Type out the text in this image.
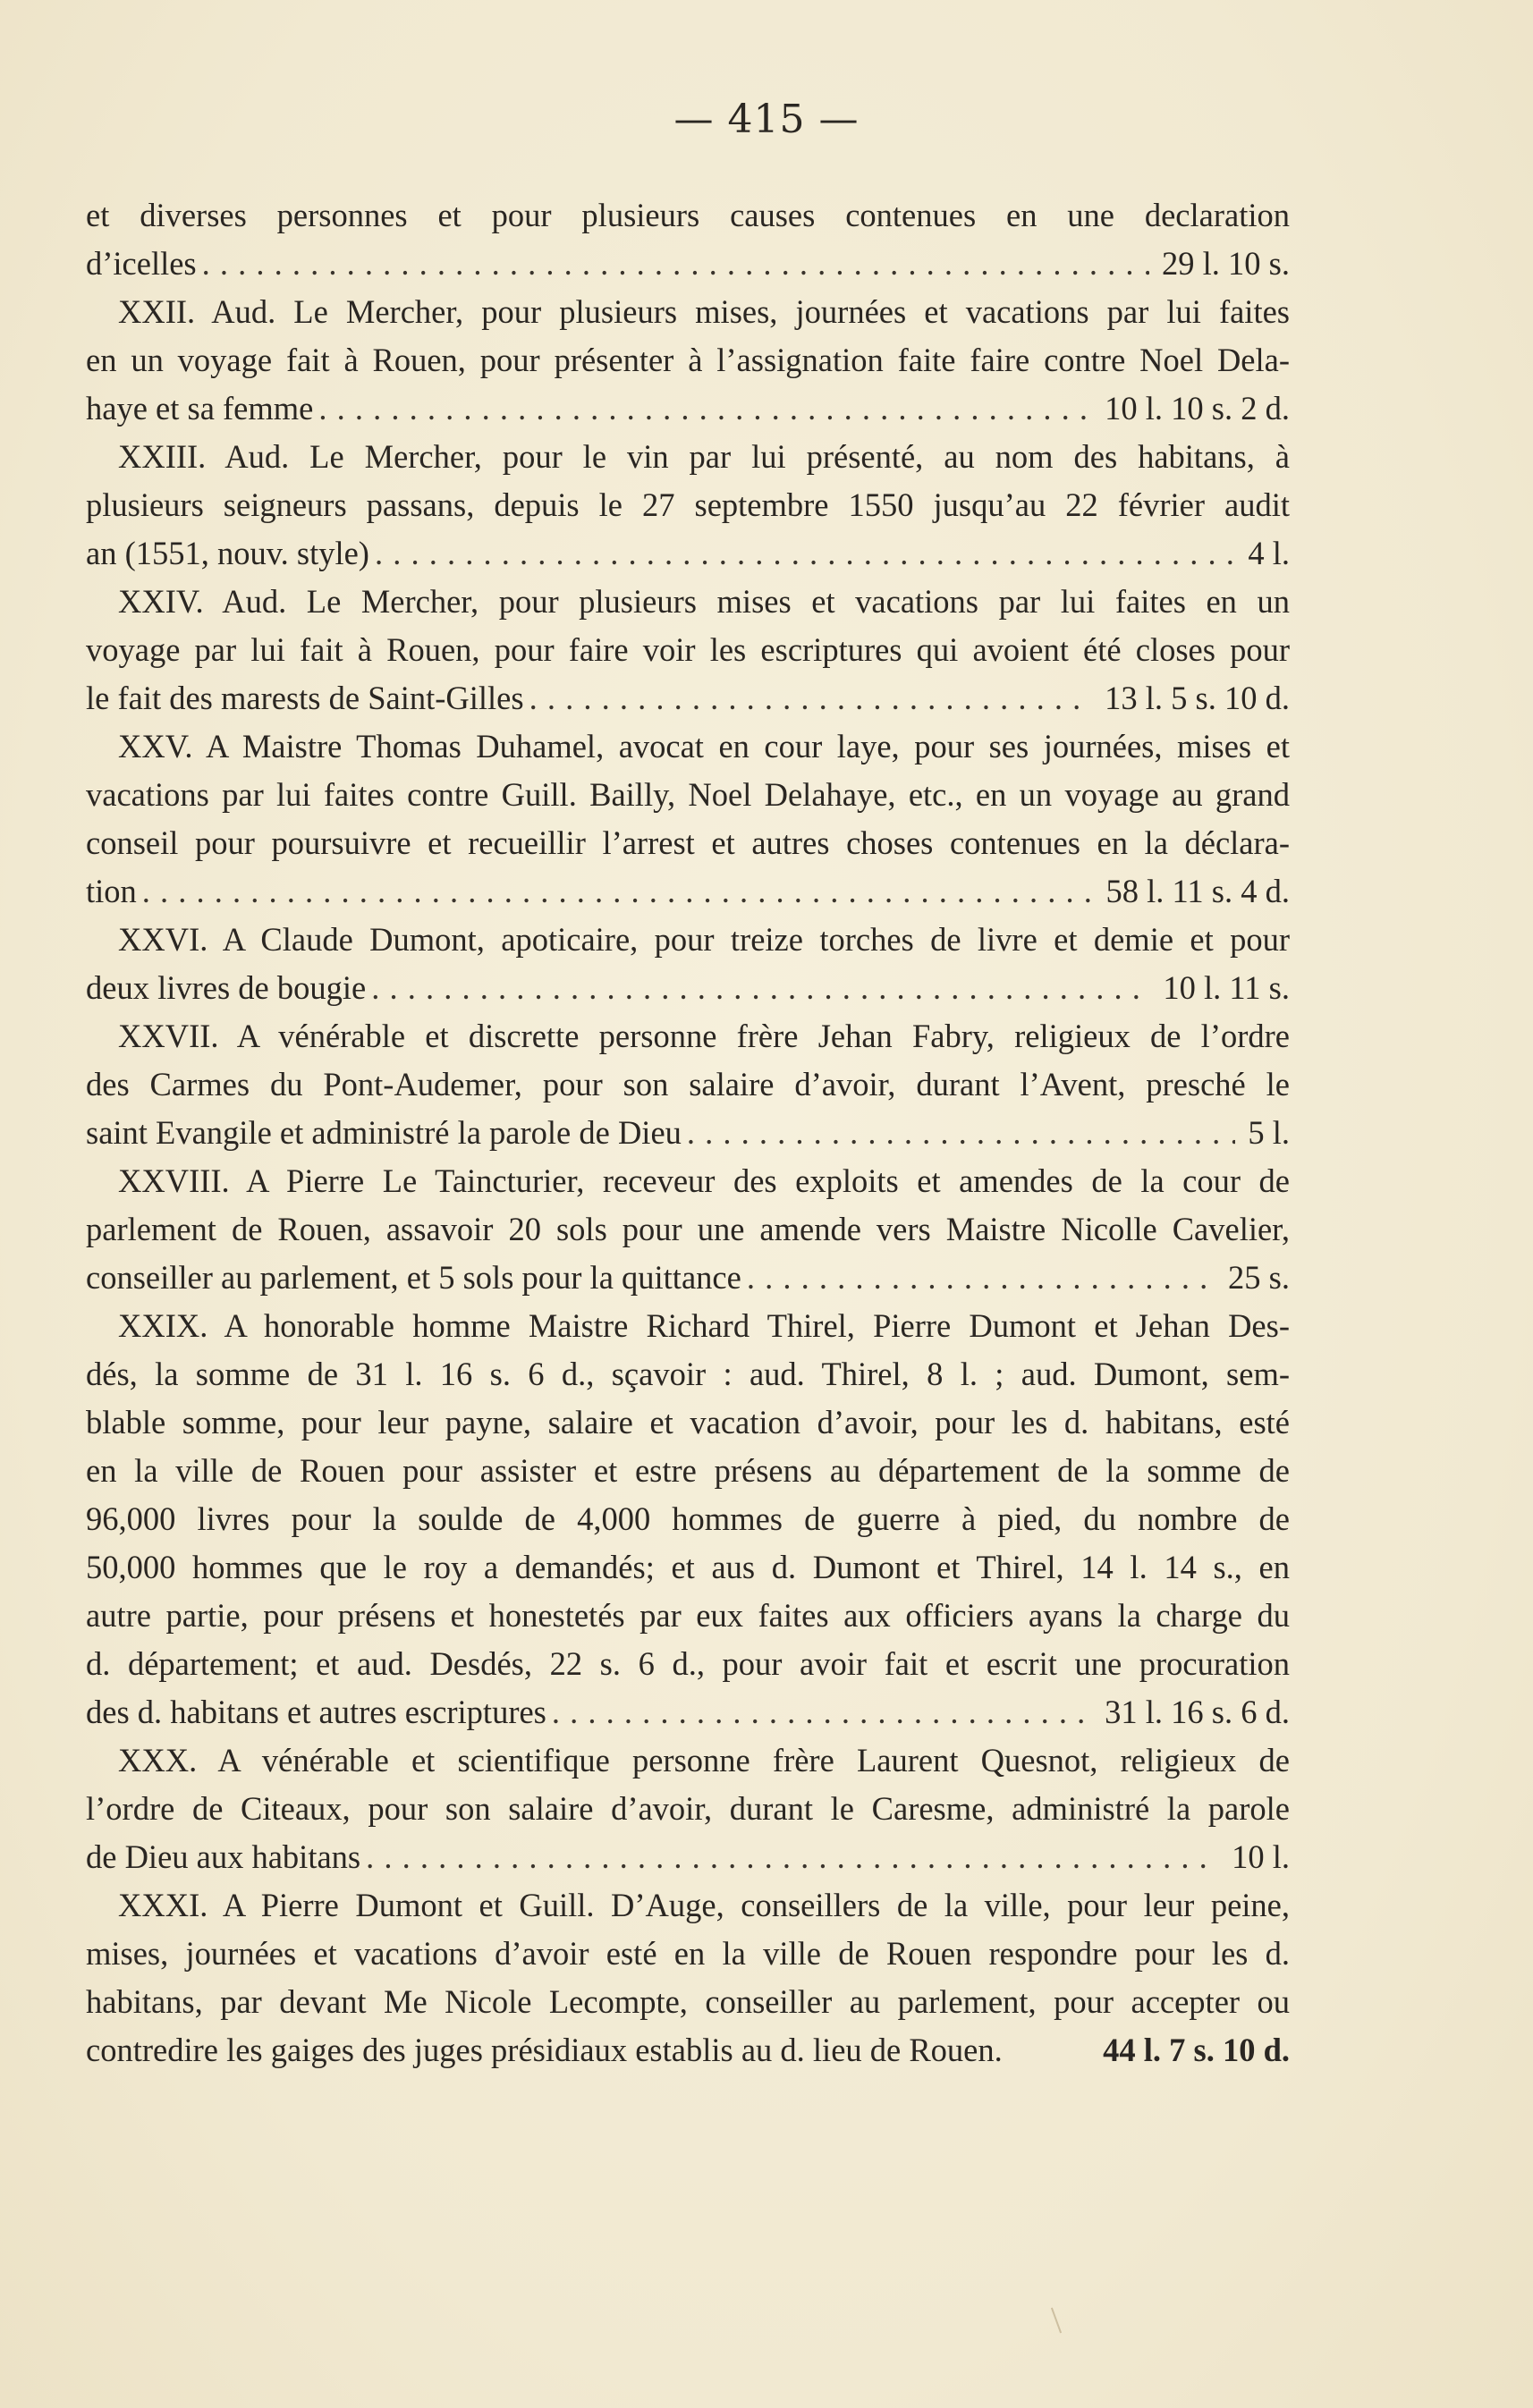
— 415 —

et diverses personnes et pour plusieurs causes contenues en une declaration
d’icelles . . .	29 l. 10 s.

XXII. Aud. Le Mercher, pour plusieurs mises, journées et vacations par lui faites
en un voyage fait à Rouen, pour présenter à l’assignation faite faire contre Noel Dela-
haye et sa femme . . .	10 l. 10 s. 2 d.

XXIII. Aud. Le Mercher, pour le vin par lui présenté, au nom des habitans, à
plusieurs seigneurs passans, depuis le 27 septembre 1550 jusqu’au 22 février audit
an (1551, nouv. style) . . .	4 l.

XXIV. Aud. Le Mercher, pour plusieurs mises et vacations par lui faites en un
voyage par lui fait à Rouen, pour faire voir les escriptures qui avoient été closes pour
le fait des marests de Saint-Gilles . . .	13 l. 5 s. 10 d.

XXV. A Maistre Thomas Duhamel, avocat en cour laye, pour ses journées, mises et
vacations par lui faites contre Guill. Bailly, Noel Delahaye, etc., en un voyage au grand
conseil pour poursuivre et recueillir l’arrest et autres choses contenues en la déclara-
tion . . .	58 l. 11 s. 4 d.

XXVI. A Claude Dumont, apoticaire, pour treize torches de livre et demie et pour
deux livres de bougie . . .	10 l. 11 s.

XXVII. A vénérable et discrette personne frère Jehan Fabry, religieux de l’ordre
des Carmes du Pont-Audemer, pour son salaire d’avoir, durant l’Avent, presché le
saint Evangile et administré la parole de Dieu . . .	5 l.

XXVIII. A Pierre Le Taincturier, receveur des exploits et amendes de la cour de
parlement de Rouen, assavoir 20 sols pour une amende vers Maistre Nicolle Cavelier,
conseiller au parlement, et 5 sols pour la quittance . . .	25 s.

XXIX. A honorable homme Maistre Richard Thirel, Pierre Dumont et Jehan Des-
dés, la somme de 31 l. 16 s. 6 d., sçavoir : aud. Thirel, 8 l. ; aud. Dumont, sem-
blable somme, pour leur payne, salaire et vacation d’avoir, pour les d. habitans, esté
en la ville de Rouen pour assister et estre présens au département de la somme de
96,000 livres pour la soulde de 4,000 hommes de guerre à pied, du nombre de
50,000 hommes que le roy a demandés; et aus d. Dumont et Thirel, 14 l. 14 s., en
autre partie, pour présens et honestetés par eux faites aux officiers ayans la charge du
d. département; et aud. Desdés, 22 s. 6 d., pour avoir fait et escrit une procuration
des d. habitans et autres escriptures . . .	31 l. 16 s. 6 d.

XXX. A vénérable et scientifique personne frère Laurent Quesnot, religieux de
l’ordre de Citeaux, pour son salaire d’avoir, durant le Caresme, administré la parole
de Dieu aux habitans . . .	10 l.

XXXI. A Pierre Dumont et Guill. D’Auge, conseillers de la ville, pour leur peine,
mises, journées et vacations d’avoir esté en la ville de Rouen respondre pour les d.
habitans, par devant Me Nicole Lecompte, conseiller au parlement, pour accepter ou
contredire les gaiges des juges présidiaux establis au d. lieu de Rouen.	44 l. 7 s. 10 d.
